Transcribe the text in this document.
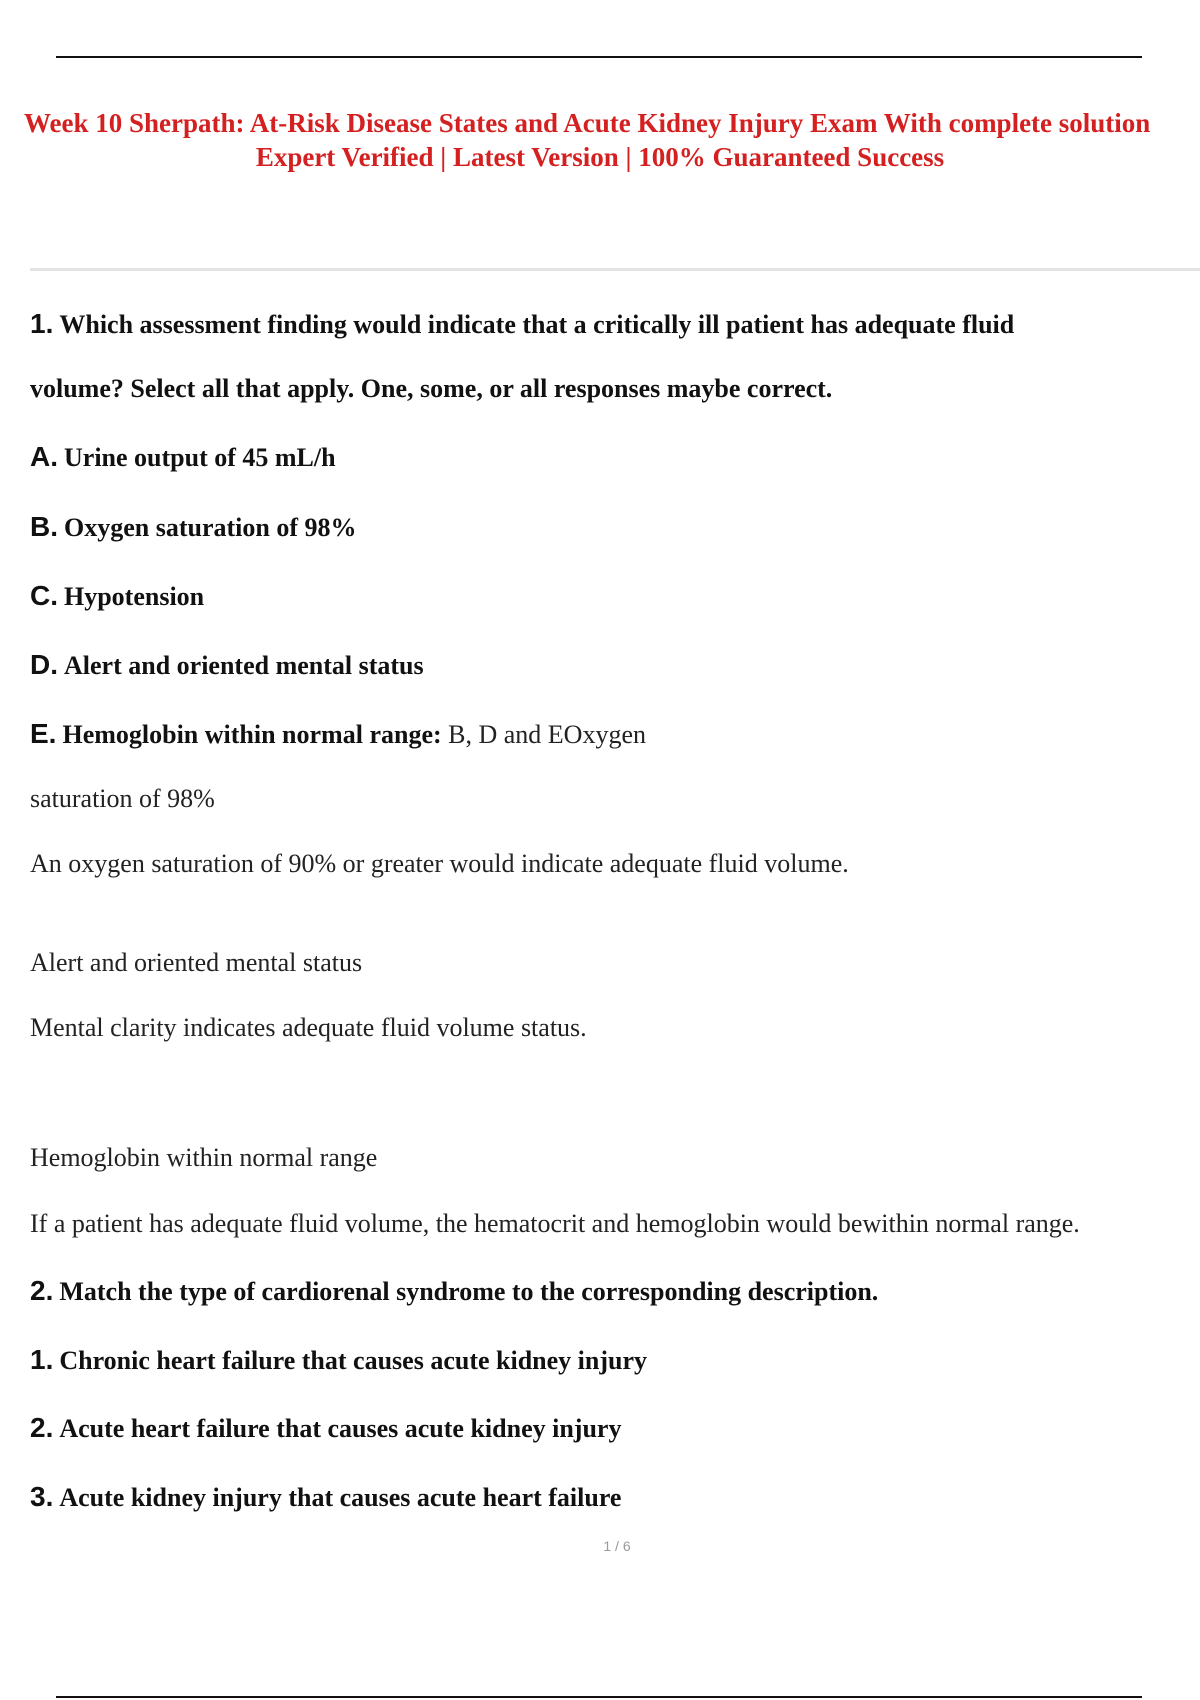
Week 10 Sherpath: At-Risk Disease States and Acute Kidney Injury Exam With complete solution
Expert Verified | Latest Version | 100% Guaranteed Success
1. Which assessment finding would indicate that a critically ill patient has adequate fluid
volume? Select all that apply. One, some, or all responses maybe correct.
A. Urine output of 45 mL/h
B. Oxygen saturation of 98%
C. Hypotension
D. Alert and oriented mental status
E. Hemoglobin within normal range: B, D and EOxygen
saturation of 98%
An oxygen saturation of 90% or greater would indicate adequate fluid volume.
Alert and oriented mental status
Mental clarity indicates adequate fluid volume status.
Hemoglobin within normal range
If a patient has adequate fluid volume, the hematocrit and hemoglobin would bewithin normal range.
2. Match the type of cardiorenal syndrome to the corresponding description.
1. Chronic heart failure that causes acute kidney injury
2. Acute heart failure that causes acute kidney injury
3. Acute kidney injury that causes acute heart failure
1 / 6
